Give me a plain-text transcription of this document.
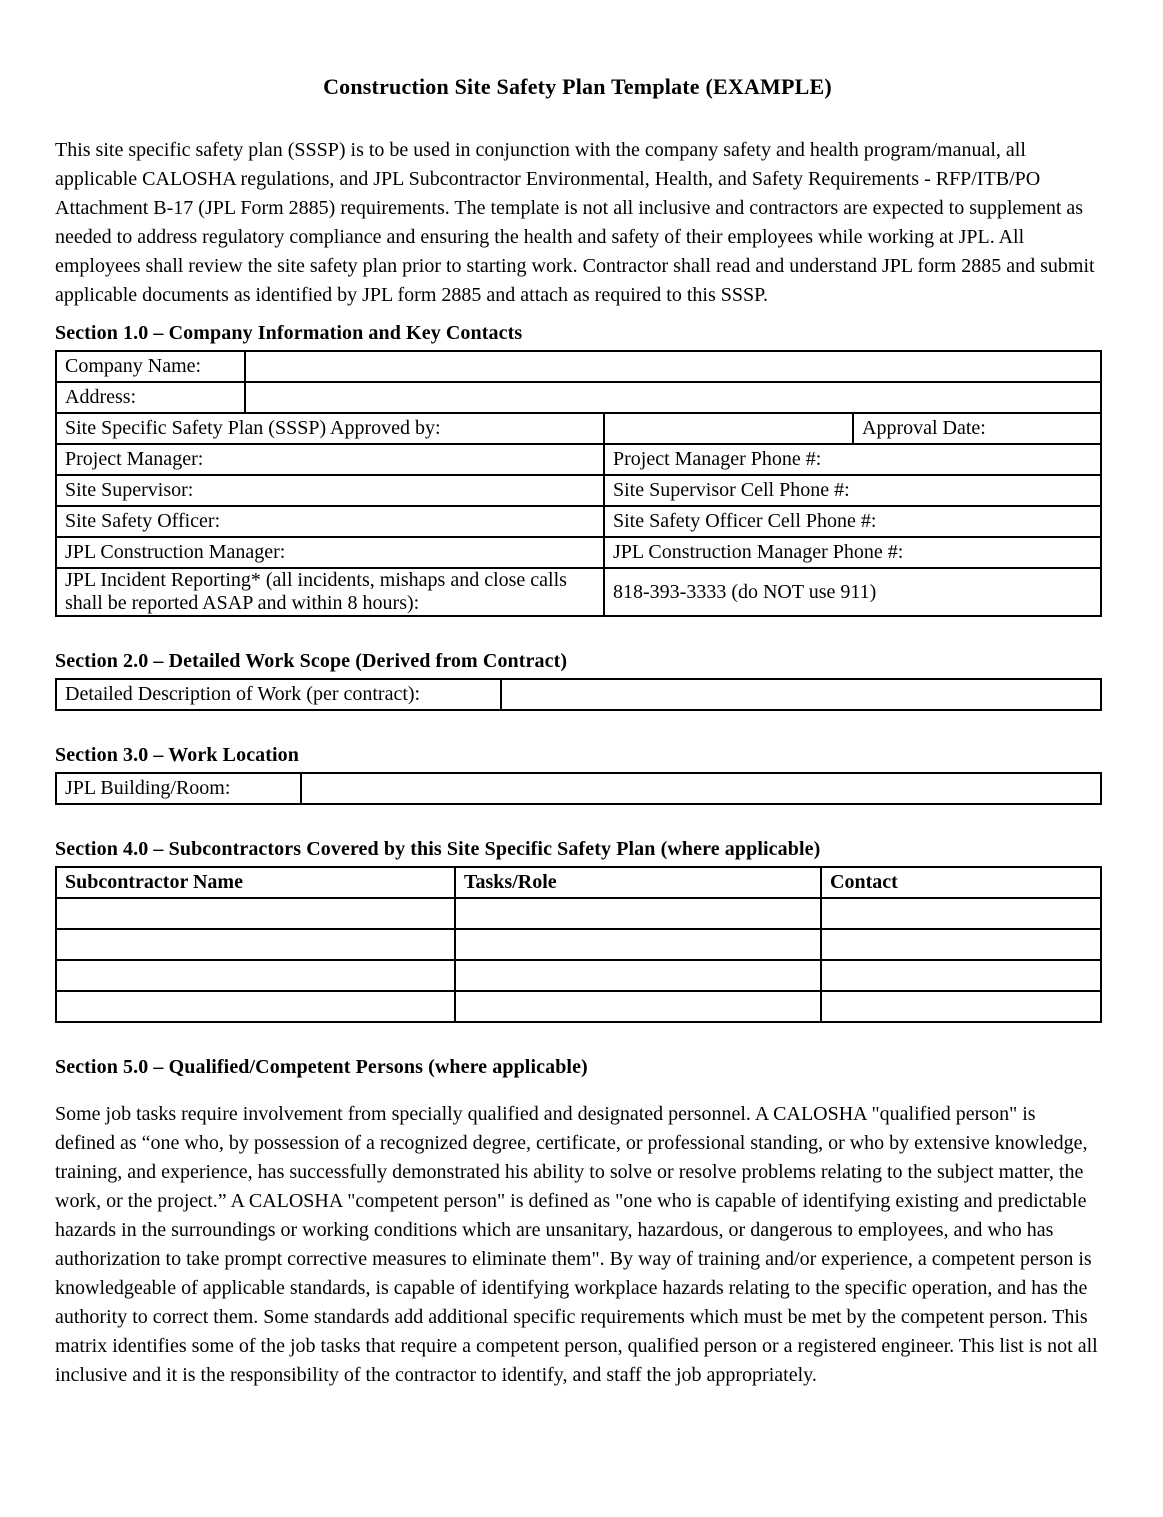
Construction Site Safety Plan Template (EXAMPLE)

This site specific safety plan (SSSP) is to be used in conjunction with the company safety and health program/manual, all applicable CALOSHA regulations, and JPL Subcontractor Environmental, Health, and Safety Requirements - RFP/ITB/PO Attachment B-17 (JPL Form 2885) requirements. The template is not all inclusive and contractors are expected to supplement as needed to address regulatory compliance and ensuring the health and safety of their employees while working at JPL. All employees shall review the site safety plan prior to starting work. Contractor shall read and understand JPL form 2885 and submit applicable documents as identified by JPL form 2885 and attach as required to this SSSP.

Section 1.0 – Company Information and Key Contacts
Company Name:			
Address:			
Site Specific Safety Plan (SSSP) Approved by:			Approval Date:
Project Manager:		Project Manager Phone #:	
Site Supervisor:		Site Supervisor Cell Phone #:	
Site Safety Officer:		Site Safety Officer Cell Phone #:	
JPL Construction Manager:		JPL Construction Manager Phone #:	
JPL Incident Reporting* (all incidents, mishaps and close calls shall be reported ASAP and within 8 hours):		818-393-3333 (do NOT use 911)	
Section 2.0 – Detailed Work Scope (Derived from Contract)
Detailed Description of Work (per contract):	
Section 3.0 – Work Location
JPL Building/Room:	
Section 4.0 – Subcontractors Covered by this Site Specific Safety Plan (where applicable)
Subcontractor Name	Tasks/Role	Contact

Section 5.0 – Qualified/Competent Persons (where applicable)

Some job tasks require involvement from specially qualified and designated personnel. A CALOSHA "qualified person" is defined as “one who, by possession of a recognized degree, certificate, or professional standing, or who by extensive knowledge, training, and experience, has successfully demonstrated his ability to solve or resolve problems relating to the subject matter, the work, or the project.” A CALOSHA "competent person" is defined as "one who is capable of identifying existing and predictable hazards in the surroundings or working conditions which are unsanitary, hazardous, or dangerous to employees, and who has authorization to take prompt corrective measures to eliminate them". By way of training and/or experience, a competent person is knowledgeable of applicable standards, is capable of identifying workplace hazards relating to the specific operation, and has the authority to correct them. Some standards add additional specific requirements which must be met by the competent person. This matrix identifies some of the job tasks that require a competent person, qualified person or a registered engineer. This list is not all inclusive and it is the responsibility of the contractor to identify, and staff the job appropriately.
